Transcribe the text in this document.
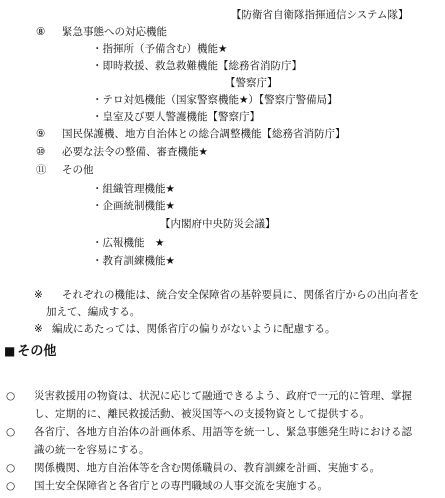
【防衛省自衛隊指揮通信システム隊】
⑧ 緊急事態への対応機能
・指揮所（予備含む）機能★
・即時救援、救急救難機能【総務省消防庁】
【警察庁】
・テロ対処機能（国家警察機能★）【警察庁警備局】
・皇室及び要人警護機能【警察庁】
⑨ 国民保護機、地方自治体との総合調整機能【総務省消防庁】
⑩ 必要な法令の整備、審査機能★
⑪ その他
・組織管理機能★
・企画統制機能★
【内閣府中央防災会議】
・広報機能　★
・教育訓練機能★
※ それぞれの機能は、統合安全保障省の基幹要員に、関係省庁からの出向者を
加えて、編成する。
※ 編成にあたっては、関係省庁の偏りがないように配慮する。
■ その他
○ 災害救援用の物資は、状況に応じて融通できるよう、政府で一元的に管理、掌握
し、定期的に、離民救援活動、被災国等への支援物資として提供する。
○ 各省庁、各地方自治体の計画体系、用語等を統一し、緊急事態発生時における認
識の統一を容易にする。
○ 関係機関、地方自治体等を含む関係職員の、教育訓練を計画、実施する。
○ 国土安全保障省と各省庁との専門職域の人事交流を実施する。
